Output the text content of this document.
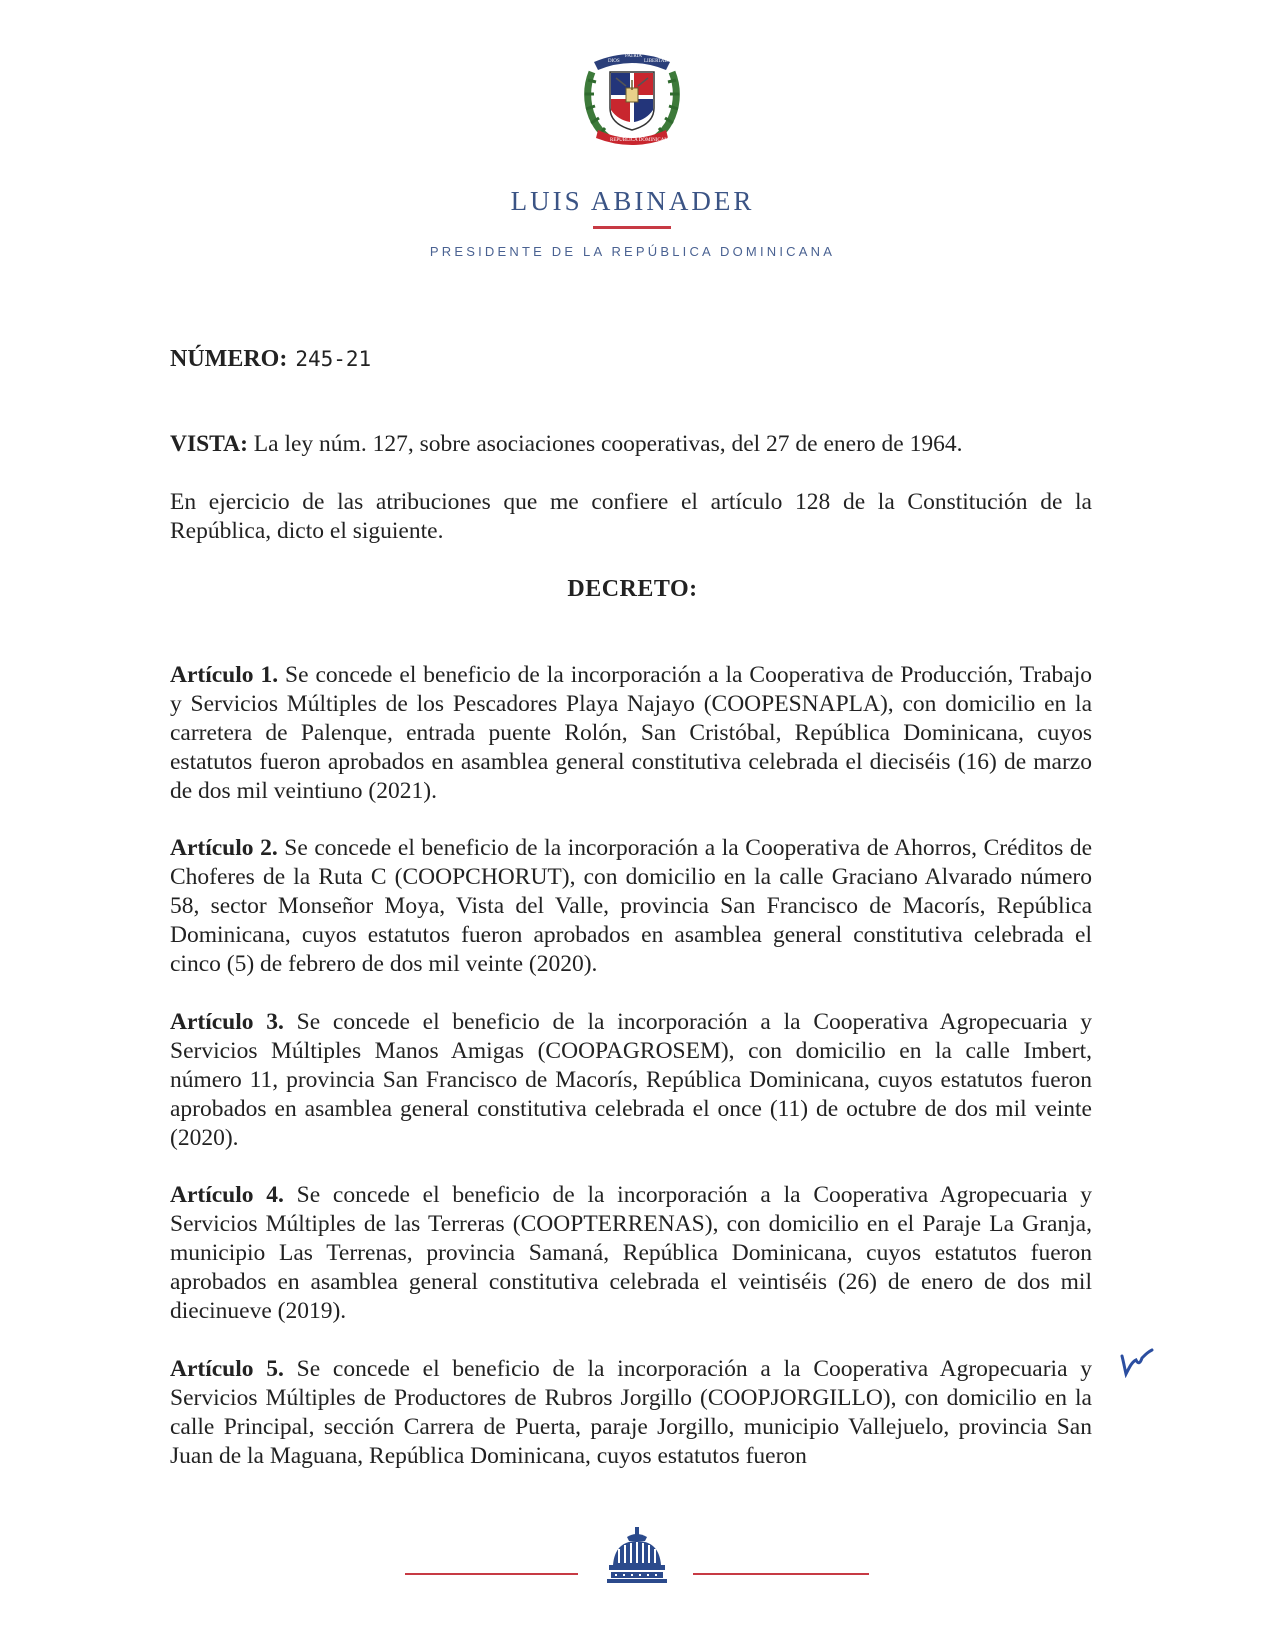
DIOS
PATRIA
LIBERTAD
REPÚBLICA DOMINICANA
LUIS ABINADER
PRESIDENTE DE LA REPÚBLICA DOMINICANA
NÚMERO: 245-21
VISTA: La ley núm. 127, sobre asociaciones cooperativas, del 27 de enero de 1964.
En ejercicio de las atribuciones que me confiere el artículo 128 de la Constitución de la República, dicto el siguiente.
DECRETO:
Artículo 1. Se concede el beneficio de la incorporación a la Cooperativa de Producción, Trabajo y Servicios Múltiples de los Pescadores Playa Najayo (COOPESNAPLA), con domicilio en la carretera de Palenque, entrada puente Rolón, San Cristóbal, República Dominicana, cuyos estatutos fueron aprobados en asamblea general constitutiva celebrada el dieciséis (16) de marzo de dos mil veintiuno (2021).
Artículo 2. Se concede el beneficio de la incorporación a la Cooperativa de Ahorros, Créditos de Choferes de la Ruta C (COOPCHORUT), con domicilio en la calle Graciano Alvarado número 58, sector Monseñor Moya, Vista del Valle, provincia San Francisco de Macorís, República Dominicana, cuyos estatutos fueron aprobados en asamblea general constitutiva celebrada el cinco (5) de febrero de dos mil veinte (2020).
Artículo 3. Se concede el beneficio de la incorporación a la Cooperativa Agropecuaria y Servicios Múltiples Manos Amigas (COOPAGROSEM), con domicilio en la calle Imbert, número 11, provincia San Francisco de Macorís, República Dominicana, cuyos estatutos fueron aprobados en asamblea general constitutiva celebrada el once (11) de octubre de dos mil veinte (2020).
Artículo 4. Se concede el beneficio de la incorporación a la Cooperativa Agropecuaria y Servicios Múltiples de las Terreras (COOPTERRENAS), con domicilio en el Paraje La Granja, municipio Las Terrenas, provincia Samaná, República Dominicana, cuyos estatutos fueron aprobados en asamblea general constitutiva celebrada el veintiséis (26) de enero de dos mil diecinueve (2019).
Artículo 5. Se concede el beneficio de la incorporación a la Cooperativa Agropecuaria y Servicios Múltiples de Productores de Rubros Jorgillo (COOPJORGILLO), con domicilio en la calle Principal, sección Carrera de Puerta, paraje Jorgillo, municipio Vallejuelo, provincia San Juan de la Maguana, República Dominicana, cuyos estatutos fueron
